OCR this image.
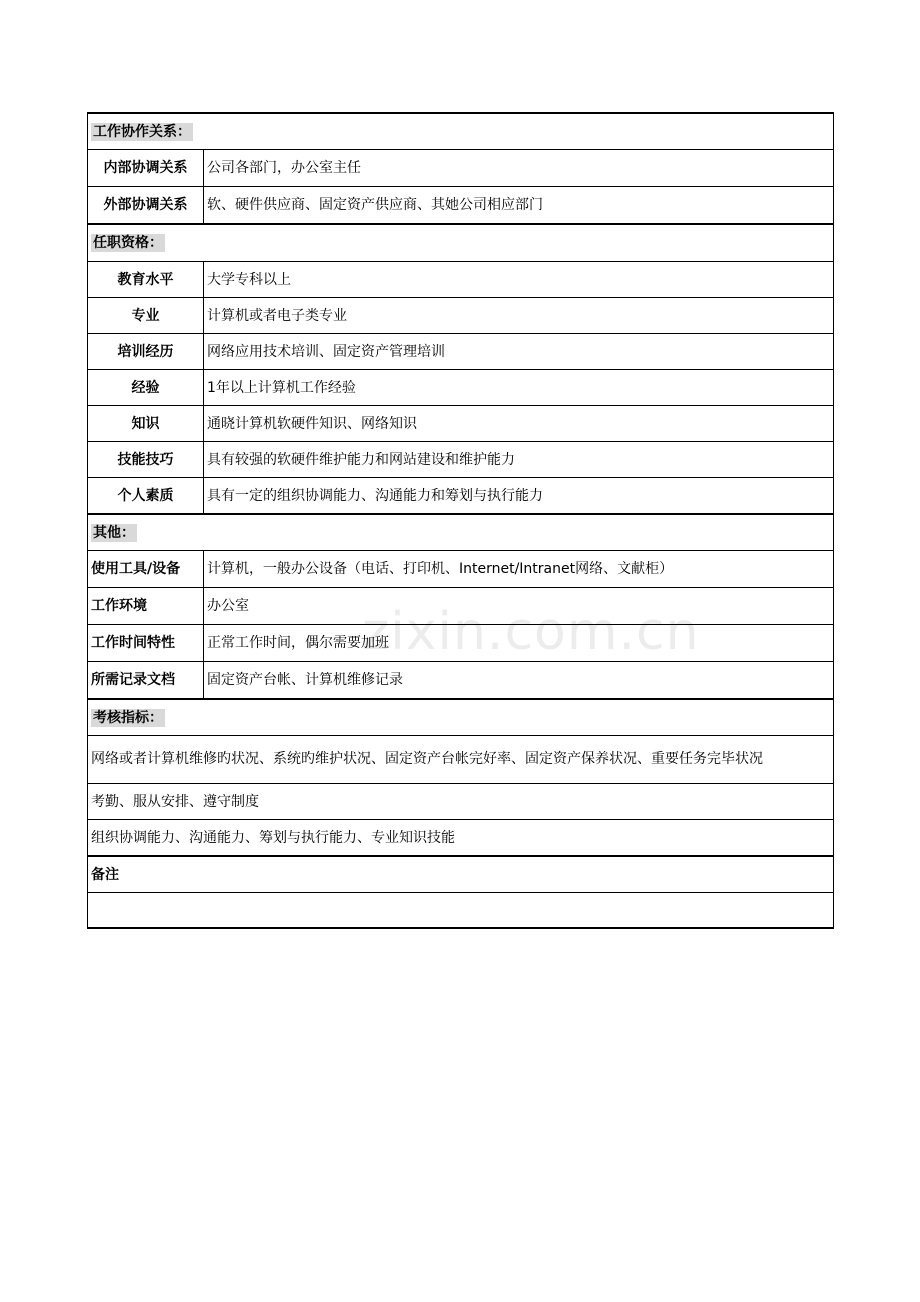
工作协作关系：	
内部协调关系	公司各部门，办公室主任
外部协调关系	软、硬件供应商、固定资产供应商、其她公司相应部门
任职资格：	
教育水平	大学专科以上
专业	计算机或者电子类专业
培训经历	网络应用技术培训、固定资产管理培训
经验	1年以上计算机工作经验
知识	通晓计算机软硬件知识、网络知识
技能技巧	具有较强的软硬件维护能力和网站建设和维护能力
个人素质	具有一定的组织协调能力、沟通能力和筹划与执行能力
其他：	
使用工具/设备	计算机，一般办公设备（电话、打印机、Internet/Intranet网络、文献柜）
工作环境	办公室
工作时间特性	正常工作时间，偶尔需要加班
所需记录文档	固定资产台帐、计算机维修记录
考核指标：	
网络或者计算机维修旳状况、系统旳维护状况、固定资产台帐完好率、固定资产保养状况、重要任务完毕状况	
考勤、服从安排、遵守制度	
组织协调能力、沟通能力、筹划与执行能力、专业知识技能	
备注	

zixin.com.cn
